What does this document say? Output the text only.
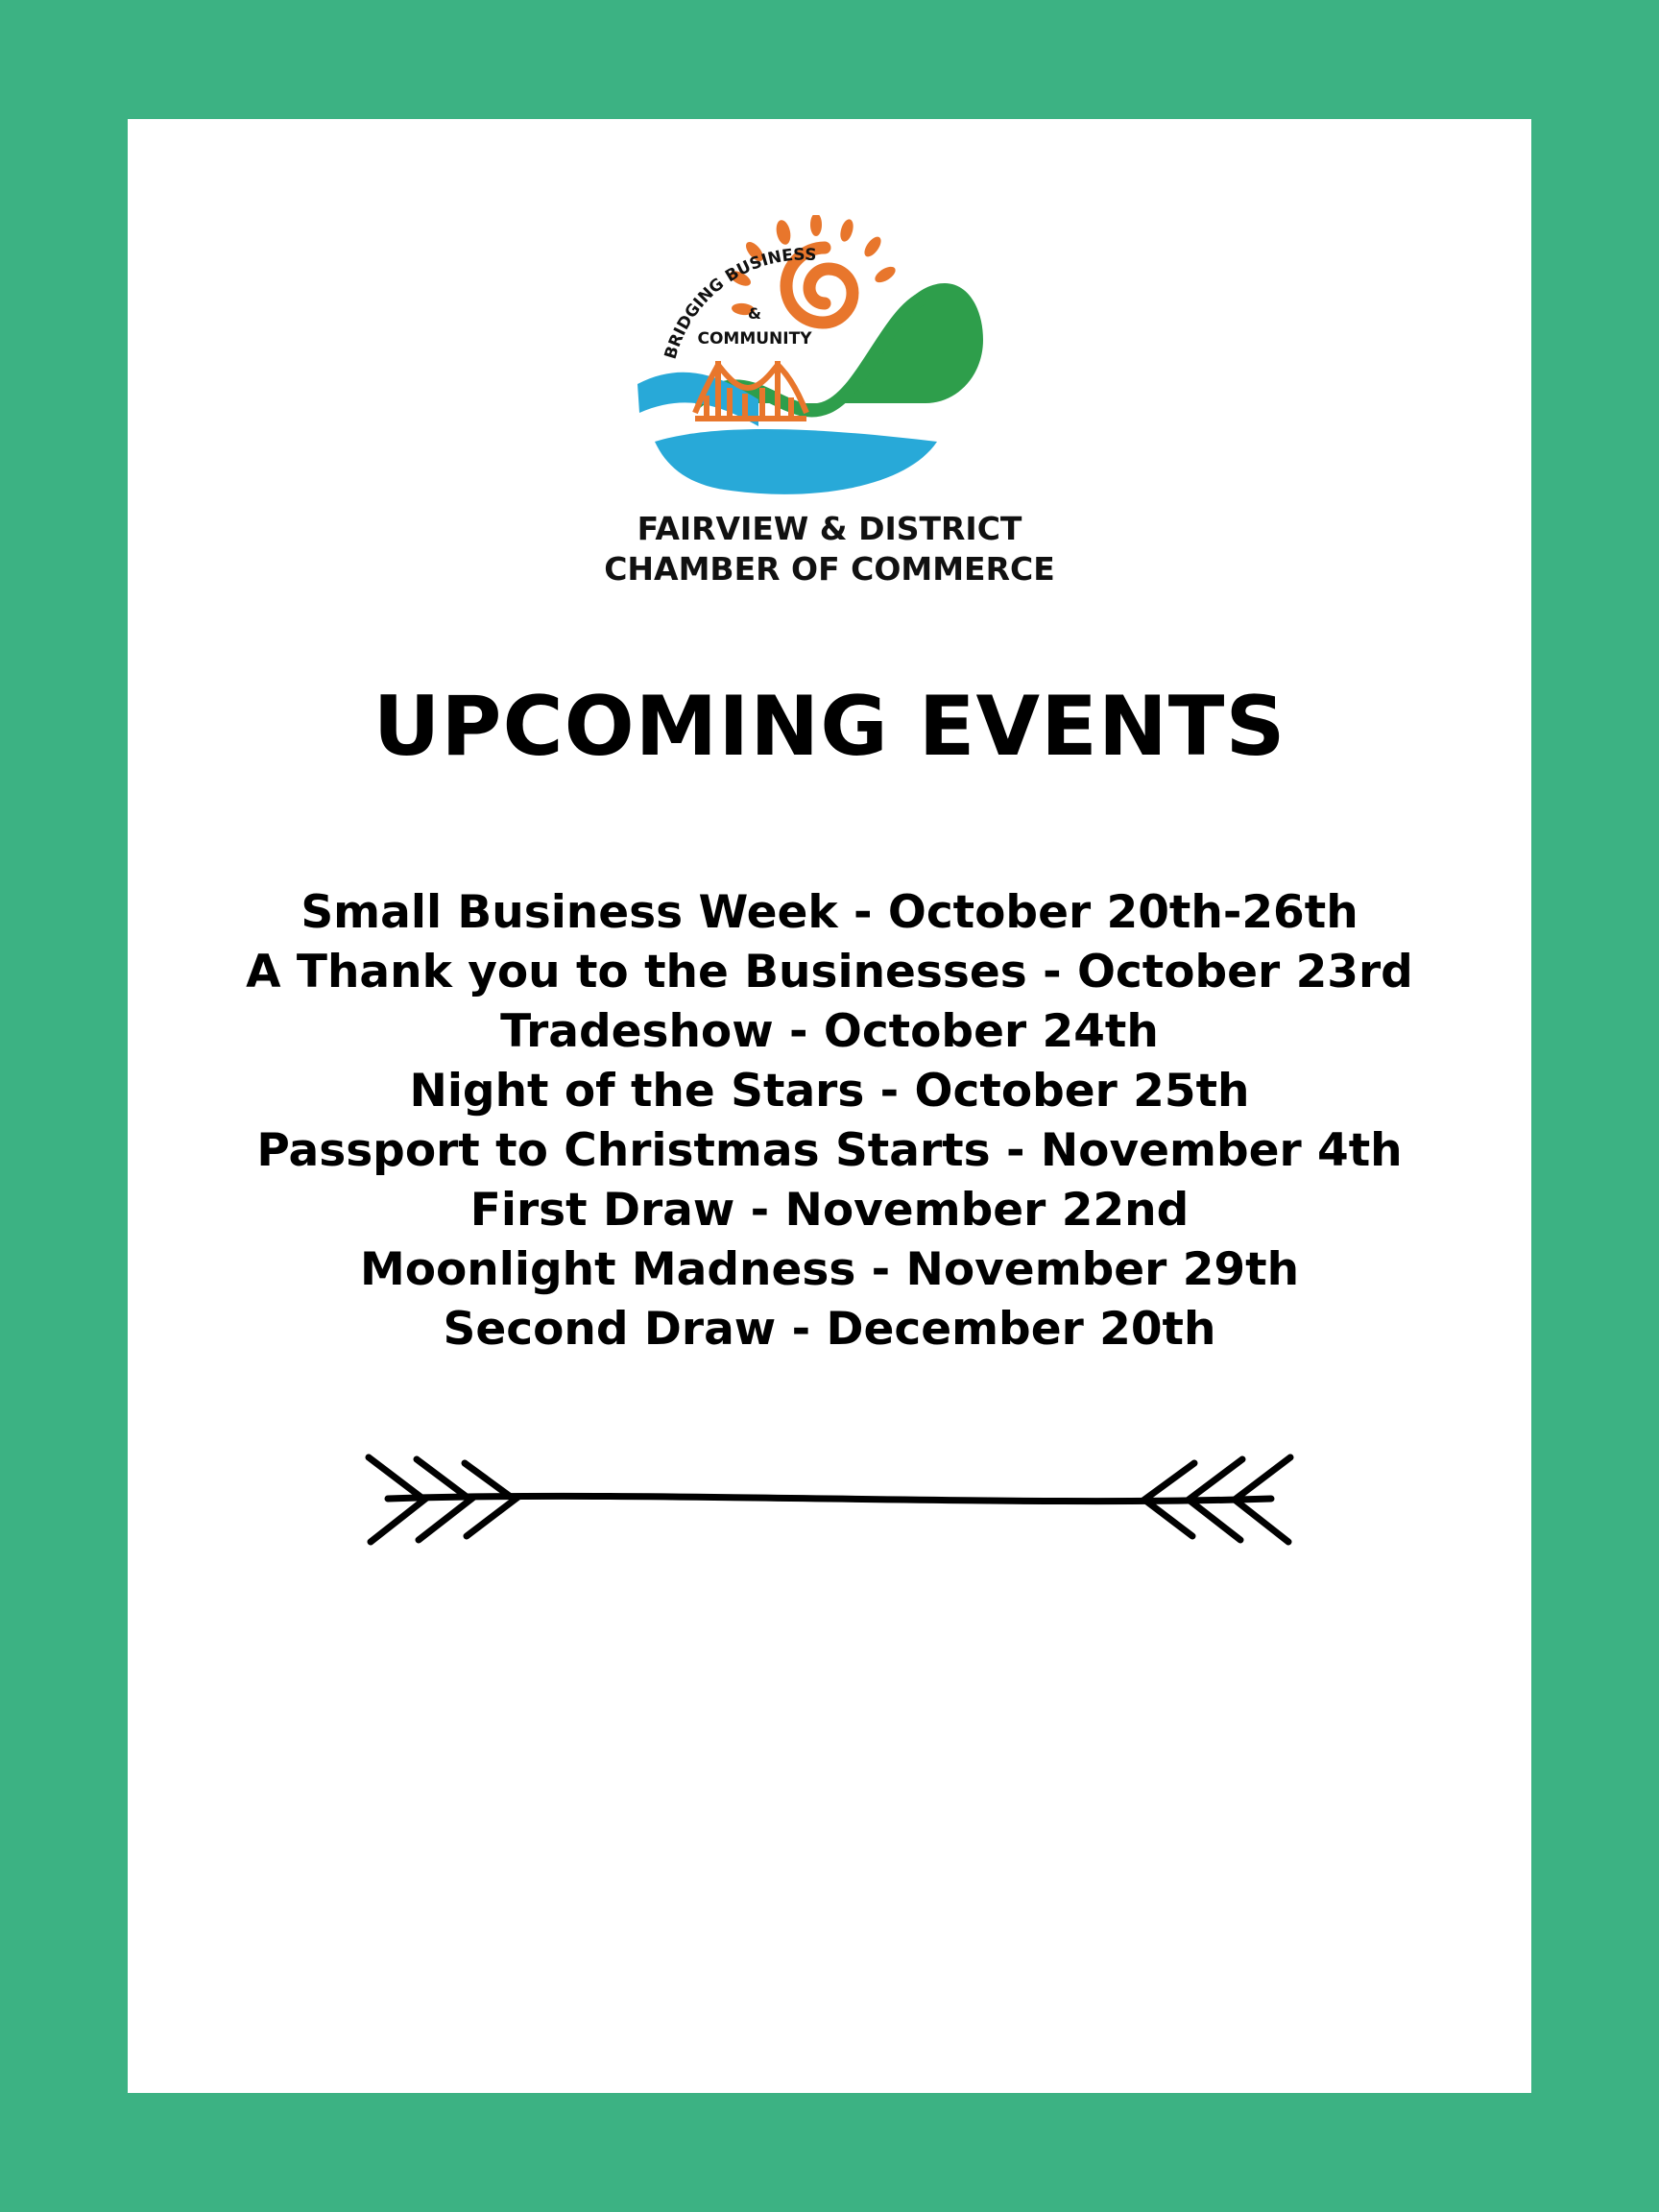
BRIDGING BUSINESS
&
COMMUNITY
FAIRVIEW & DISTRICT
CHAMBER OF COMMERCE
UPCOMING EVENTS
Small Business Week - October 20th-26th
A Thank you to the Businesses - October 23rd
Tradeshow - October 24th
Night of the Stars - October 25th
Passport to Christmas Starts - November 4th
First Draw - November 22nd
Moonlight Madness - November 29th
Second Draw - December 20th
